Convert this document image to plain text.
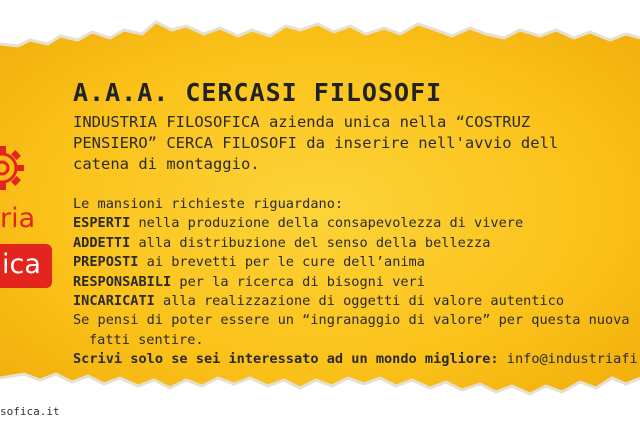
ria
ica
A.A.A. CERCASI FILOSOFI

INDUSTRIA FILOSOFICA azienda unica nella “COSTRUZ
PENSIERO” CERCA FILOSOFI da inserire nell'avvio dell
catena di montaggio.

Le mansioni richieste riguardano:
ESPERTI nella produzione della consapevolezza di vivere
ADDETTI alla distribuzione del senso della bellezza
PREPOSTI ai brevetti per le cure dell’anima
RESPONSABILI per la ricerca di bisogni veri
INCARICATI alla realizzazione di oggetti di valore autentico
Se pensi di poter essere un “ingranaggio di valore” per questa nuova
fatti sentire.
Scrivi solo se sei interessato ad un mondo migliore: info@industriafi
sofica.it
